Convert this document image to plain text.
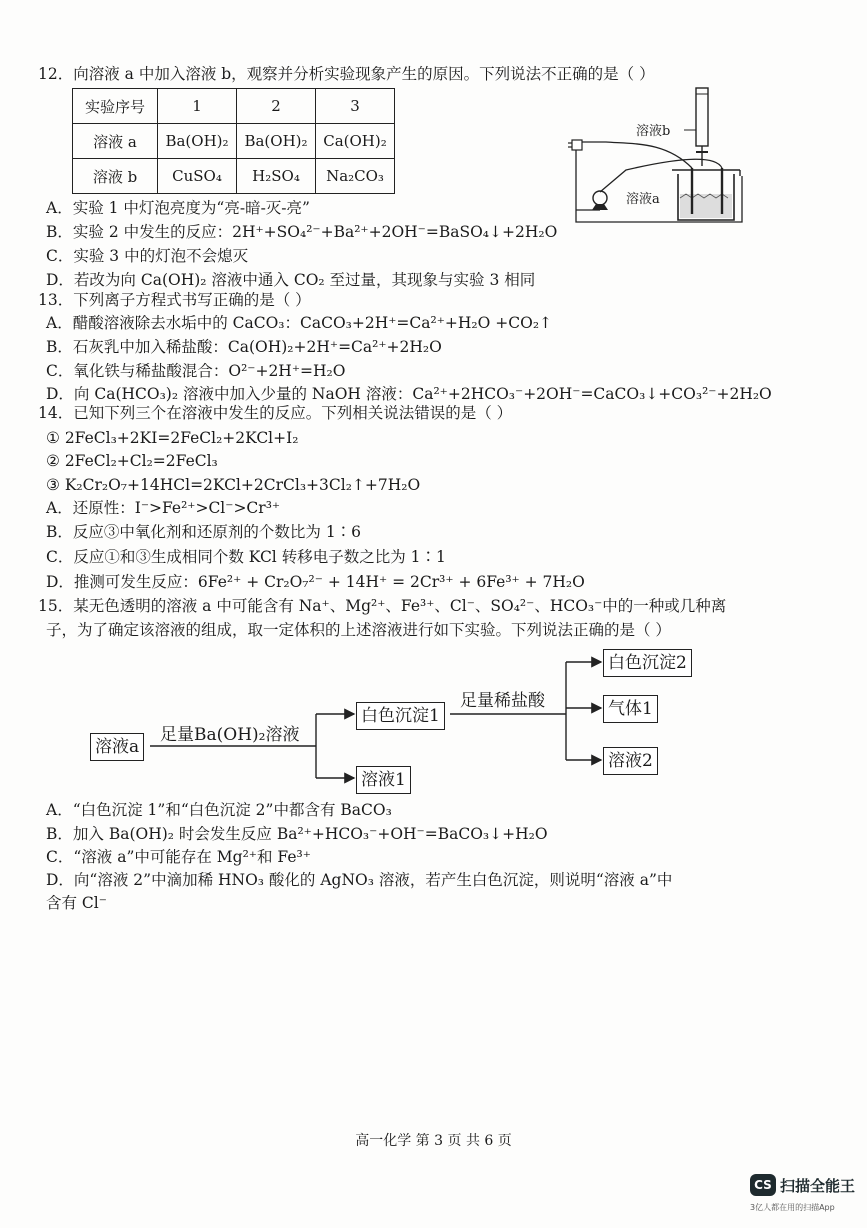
12．向溶液 a 中加入溶液 b，观察并分析实验现象产生的原因。下列说法不正确的是（ ）
实验序号	1	2	3
溶液 a	Ba(OH)₂	Ba(OH)₂	Ca(OH)₂
溶液 b	CuSO₄	H₂SO₄	Na₂CO₃
溶液b
溶液a
A．实验 1 中灯泡亮度为“亮-暗-灭-亮”
B．实验 2 中发生的反应：2H⁺+SO₄²⁻+Ba²⁺+2OH⁻=BaSO₄↓+2H₂O
C．实验 3 中的灯泡不会熄灭
D．若改为向 Ca(OH)₂ 溶液中通入 CO₂ 至过量，其现象与实验 3 相同
13．下列离子方程式书写正确的是（ ）
A．醋酸溶液除去水垢中的 CaCO₃：CaCO₃+2H⁺=Ca²⁺+H₂O +CO₂↑
B．石灰乳中加入稀盐酸：Ca(OH)₂+2H⁺=Ca²⁺+2H₂O
C．氧化铁与稀盐酸混合：O²⁻+2H⁺=H₂O
D．向 Ca(HCO₃)₂ 溶液中加入少量的 NaOH 溶液：Ca²⁺+2HCO₃⁻+2OH⁻=CaCO₃↓+CO₃²⁻+2H₂O
14．已知下列三个在溶液中发生的反应。下列相关说法错误的是（ ）
① 2FeCl₃+2KI=2FeCl₂+2KCl+I₂
② 2FeCl₂+Cl₂=2FeCl₃
③ K₂Cr₂O₇+14HCl=2KCl+2CrCl₃+3Cl₂↑+7H₂O
A．还原性：I⁻>Fe²⁺>Cl⁻>Cr³⁺
B．反应③中氧化剂和还原剂的个数比为 1∶6
C．反应①和③生成相同个数 KCl 转移电子数之比为 1∶1
D．推测可发生反应：6Fe²⁺ + Cr₂O₇²⁻ + 14H⁺ = 2Cr³⁺ + 6Fe³⁺ + 7H₂O
15．某无色透明的溶液 a 中可能含有 Na⁺、Mg²⁺、Fe³⁺、Cl⁻、SO₄²⁻、HCO₃⁻中的一种或几种离
子，为了确定该溶液的组成，取一定体积的上述溶液进行如下实验。下列说法正确的是（ ）
溶液a
足量Ba(OH)₂溶液
白色沉淀1
溶液1
足量稀盐酸
白色沉淀2
气体1
溶液2
A．“白色沉淀 1”和“白色沉淀 2”中都含有 BaCO₃
B．加入 Ba(OH)₂ 时会发生反应 Ba²⁺+HCO₃⁻+OH⁻=BaCO₃↓+H₂O
C．“溶液 a”中可能存在 Mg²⁺和 Fe³⁺
D．向“溶液 2”中滴加稀 HNO₃ 酸化的 AgNO₃ 溶液，若产生白色沉淀，则说明“溶液 a”中
含有 Cl⁻
高一化学 第 3 页 共 6 页
CS 扫描全能王
3亿人都在用的扫描App
